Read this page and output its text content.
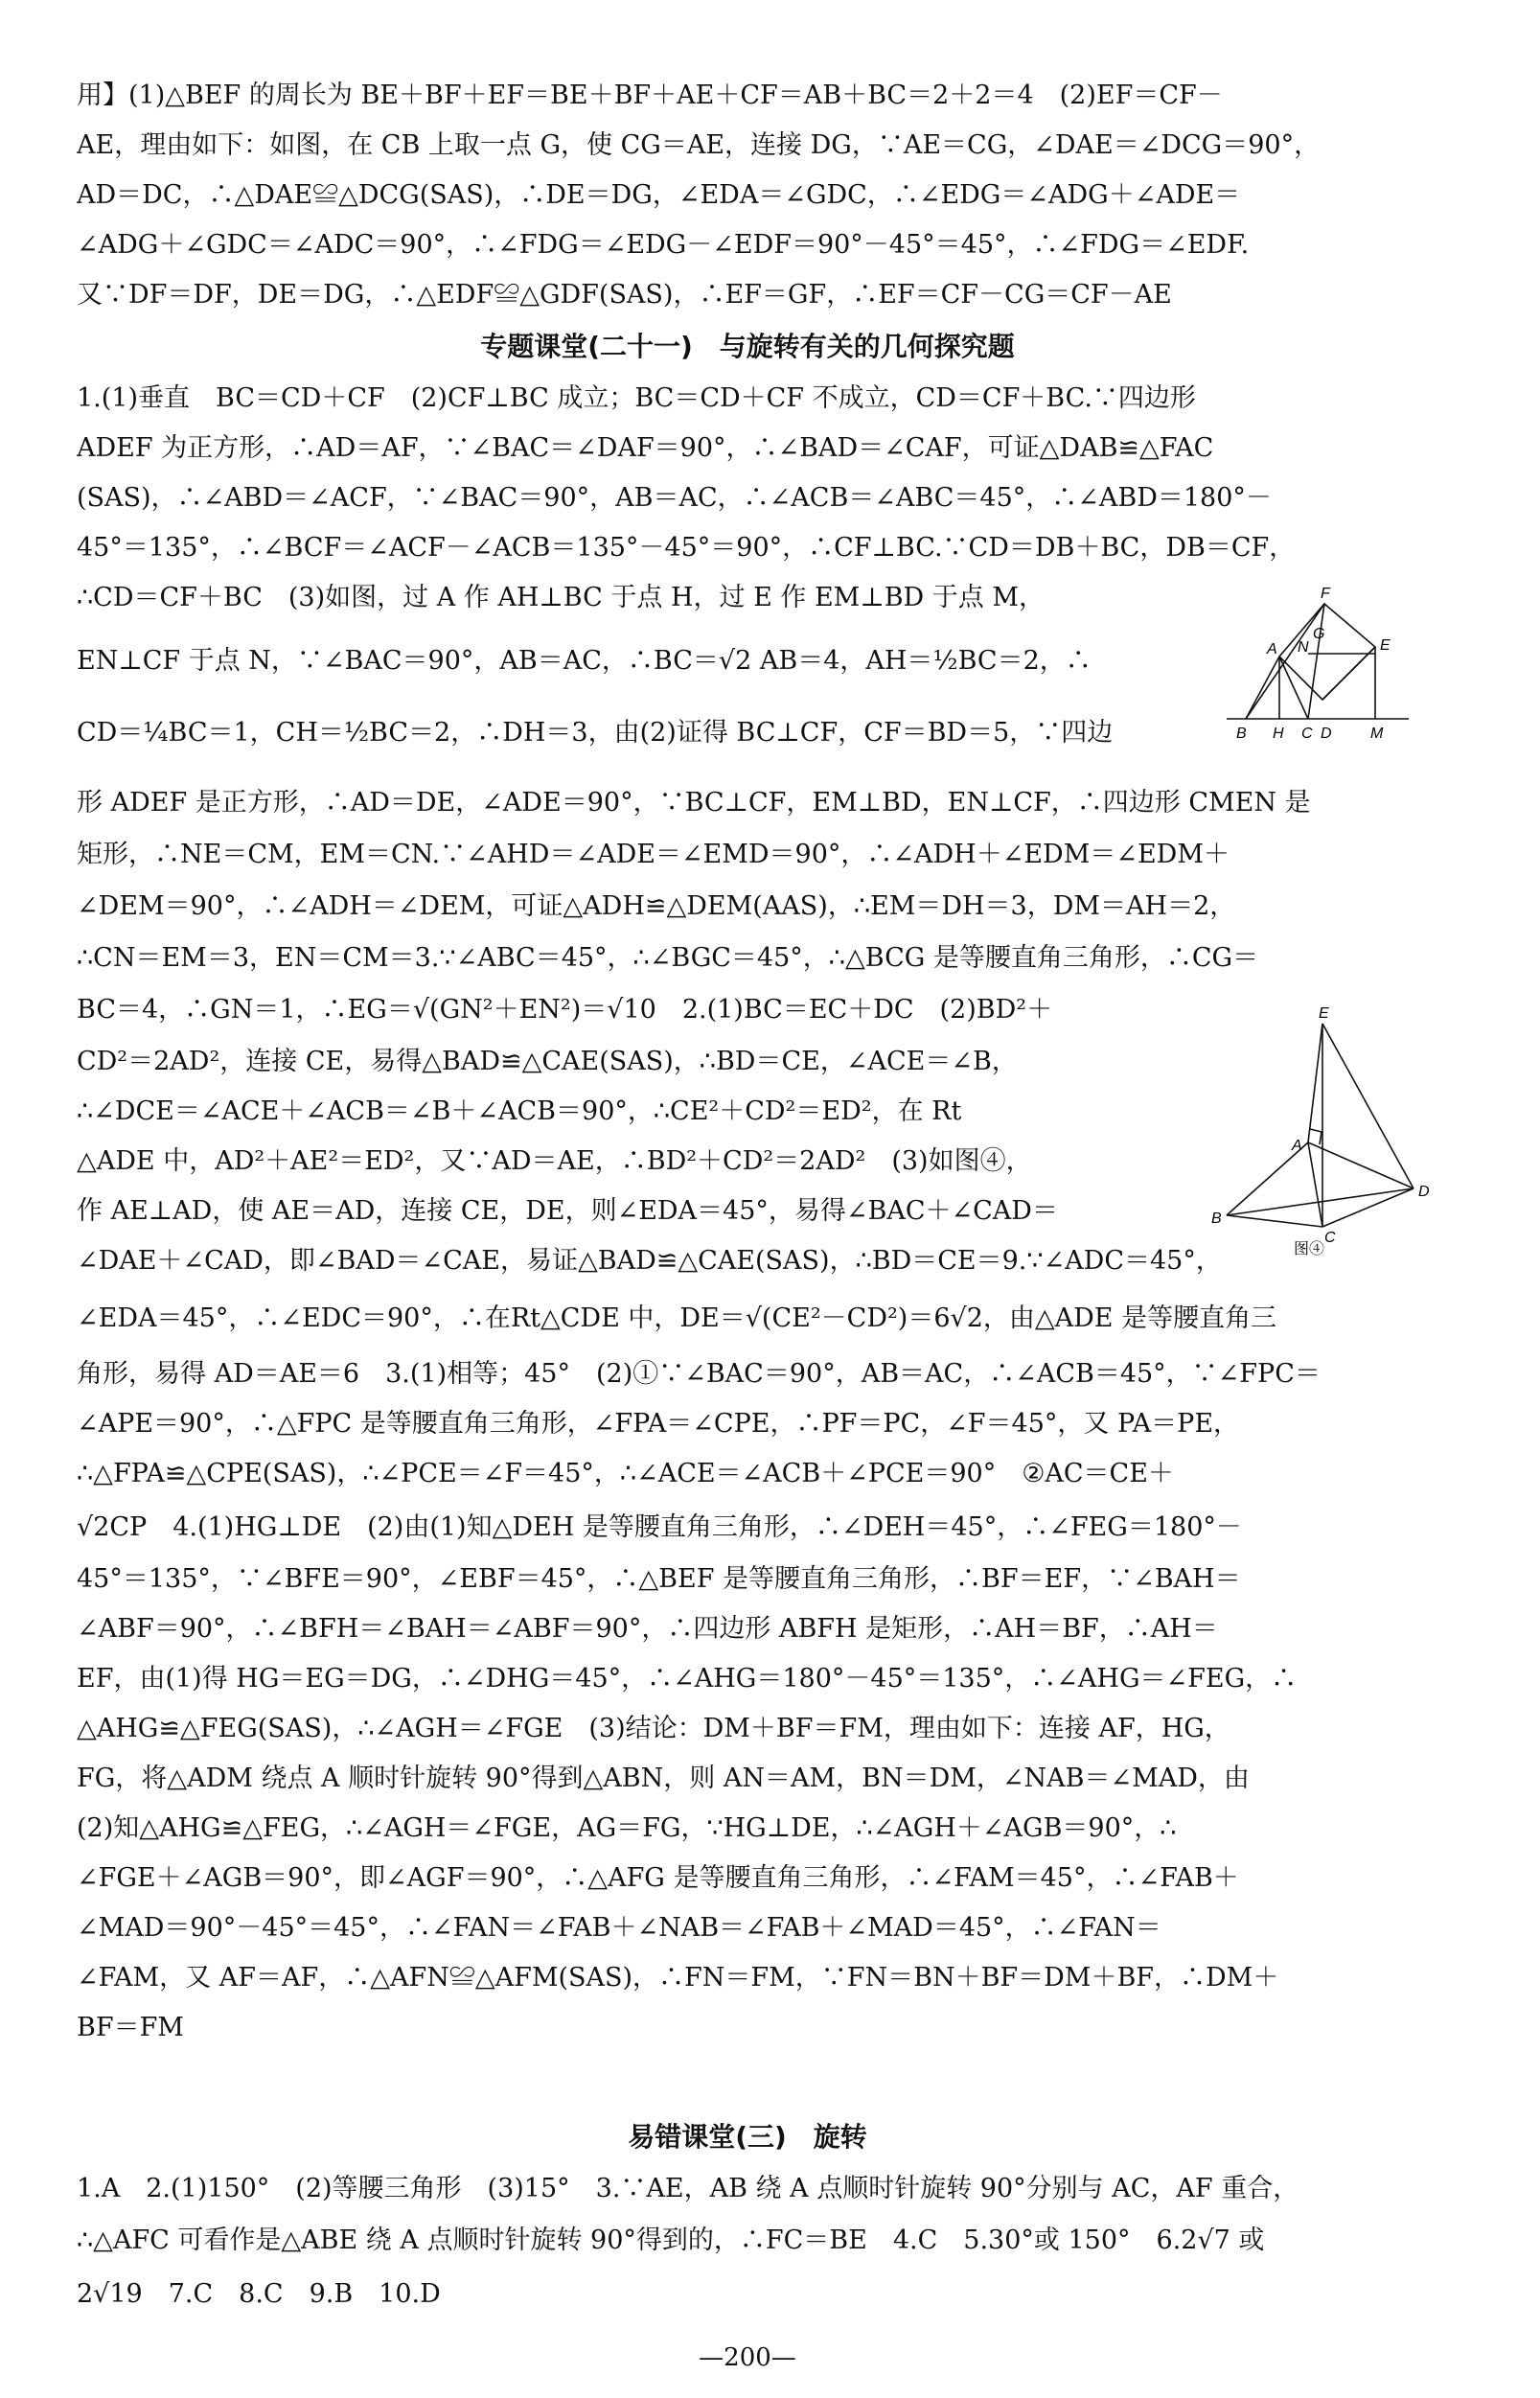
用】(1)△BEF 的周长为 BE＋BF＋EF＝BE＋BF＋AE＋CF＝AB＋BC＝2＋2＝4　(2)EF＝CF－
AE，理由如下：如图，在 CB 上取一点 G，使 CG＝AE，连接 DG，∵AE＝CG，∠DAE＝∠DCG＝90°，
AD＝DC，∴△DAE≌△DCG(SAS)，∴DE＝DG，∠EDA＝∠GDC，∴∠EDG＝∠ADG＋∠ADE＝
∠ADG＋∠GDC＝∠ADC＝90°，∴∠FDG＝∠EDG－∠EDF＝90°－45°＝45°，∴∠FDG＝∠EDF.
又∵DF＝DF，DE＝DG，∴△EDF≌△GDF(SAS)，∴EF＝GF，∴EF＝CF－CG＝CF－AE
专题课堂(二十一)　与旋转有关的几何探究题
1.(1)垂直　BC＝CD＋CF　(2)CF⊥BC 成立；BC＝CD＋CF 不成立，CD＝CF＋BC.∵四边形
ADEF 为正方形，∴AD＝AF，∵∠BAC＝∠DAF＝90°，∴∠BAD＝∠CAF，可证△DAB≌△FAC
(SAS)，∴∠ABD＝∠ACF，∵∠BAC＝90°，AB＝AC，∴∠ACB＝∠ABC＝45°，∴∠ABD＝180°－
45°＝135°，∴∠BCF＝∠ACF－∠ACB＝135°－45°＝90°，∴CF⊥BC.∵CD＝DB＋BC，DB＝CF，
∴CD＝CF＋BC　(3)如图，过 A 作 AH⊥BC 于点 H，过 E 作 EM⊥BD 于点 M，
EN⊥CF 于点 N，∵∠BAC＝90°，AB＝AC，∴BC＝√2 AB＝4，AH＝½BC＝2，∴
CD＝¼BC＝1，CH＝½BC＝2，∴DH＝3，由(2)证得 BC⊥CF，CF＝BD＝5，∵四边
形 ADEF 是正方形，∴AD＝DE，∠ADE＝90°，∵BC⊥CF，EM⊥BD，EN⊥CF，∴四边形 CMEN 是
矩形，∴NE＝CM，EM＝CN.∵∠AHD＝∠ADE＝∠EMD＝90°，∴∠ADH＋∠EDM＝∠EDM＋
∠DEM＝90°，∴∠ADH＝∠DEM，可证△ADH≌△DEM(AAS)，∴EM＝DH＝3，DM＝AH＝2，
∴CN＝EM＝3，EN＝CM＝3.∵∠ABC＝45°，∴∠BGC＝45°，∴△BCG 是等腰直角三角形，∴CG＝
BC＝4，∴GN＝1，∴EG＝√(GN²＋EN²)＝√10　2.(1)BC＝EC＋DC　(2)BD²＋
CD²＝2AD²，连接 CE，易得△BAD≌△CAE(SAS)，∴BD＝CE，∠ACE＝∠B，
∴∠DCE＝∠ACE＋∠ACB＝∠B＋∠ACB＝90°，∴CE²＋CD²＝ED²，在 Rt
△ADE 中，AD²＋AE²＝ED²，又∵AD＝AE，∴BD²＋CD²＝2AD²　(3)如图④，
作 AE⊥AD，使 AE＝AD，连接 CE，DE，则∠EDA＝45°，易得∠BAC＋∠CAD＝
∠DAE＋∠CAD，即∠BAD＝∠CAE，易证△BAD≌△CAE(SAS)，∴BD＝CE＝9.∵∠ADC＝45°，
∠EDA＝45°，∴∠EDC＝90°，∴在Rt△CDE 中，DE＝√(CE²－CD²)＝6√2，由△ADE 是等腰直角三
角形，易得 AD＝AE＝6　3.(1)相等；45°　(2)①∵∠BAC＝90°，AB＝AC，∴∠ACB＝45°，∵∠FPC＝
∠APE＝90°，∴△FPC 是等腰直角三角形，∠FPA＝∠CPE，∴PF＝PC，∠F＝45°，又 PA＝PE，
∴△FPA≌△CPE(SAS)，∴∠PCE＝∠F＝45°，∴∠ACE＝∠ACB＋∠PCE＝90°　②AC＝CE＋
√2CP　4.(1)HG⊥DE　(2)由(1)知△DEH 是等腰直角三角形，∴∠DEH＝45°，∴∠FEG＝180°－
45°＝135°，∵∠BFE＝90°，∠EBF＝45°，∴△BEF 是等腰直角三角形，∴BF＝EF，∵∠BAH＝
∠ABF＝90°，∴∠BFH＝∠BAH＝∠ABF＝90°，∴四边形 ABFH 是矩形，∴AH＝BF，∴AH＝
EF，由(1)得 HG＝EG＝DG，∴∠DHG＝45°，∴∠AHG＝180°－45°＝135°，∴∠AHG＝∠FEG，∴
△AHG≌△FEG(SAS)，∴∠AGH＝∠FGE　(3)结论：DM＋BF＝FM，理由如下：连接 AF，HG，
FG，将△ADM 绕点 A 顺时针旋转 90°得到△ABN，则 AN＝AM，BN＝DM，∠NAB＝∠MAD，由
(2)知△AHG≌△FEG，∴∠AGH＝∠FGE，AG＝FG，∵HG⊥DE，∴∠AGH＋∠AGB＝90°，∴
∠FGE＋∠AGB＝90°，即∠AGF＝90°，∴△AFG 是等腰直角三角形，∴∠FAM＝45°，∴∠FAB＋
∠MAD＝90°－45°＝45°，∴∠FAN＝∠FAB＋∠NAB＝∠FAB＋∠MAD＝45°，∴∠FAN＝
∠FAM，又 AF＝AF，∴△AFN≌△AFM(SAS)，∴FN＝FM，∵FN＝BN＋BF＝DM＋BF，∴DM＋
BF＝FM
易错课堂(三)　旋转
1.A　2.(1)150°　(2)等腰三角形　(3)15°　3.∵AE，AB 绕 A 点顺时针旋转 90°分别与 AC，AF 重合，
∴△AFC 可看作是△ABE 绕 A 点顺时针旋转 90°得到的，∴FC＝BE　4.C　5.30°或 150°　6.2√7 或
2√19　7.C　8.C　9.B　10.D
—200—
F
A N
G
E
B H C D	M
E
A
D
B
C
图④
